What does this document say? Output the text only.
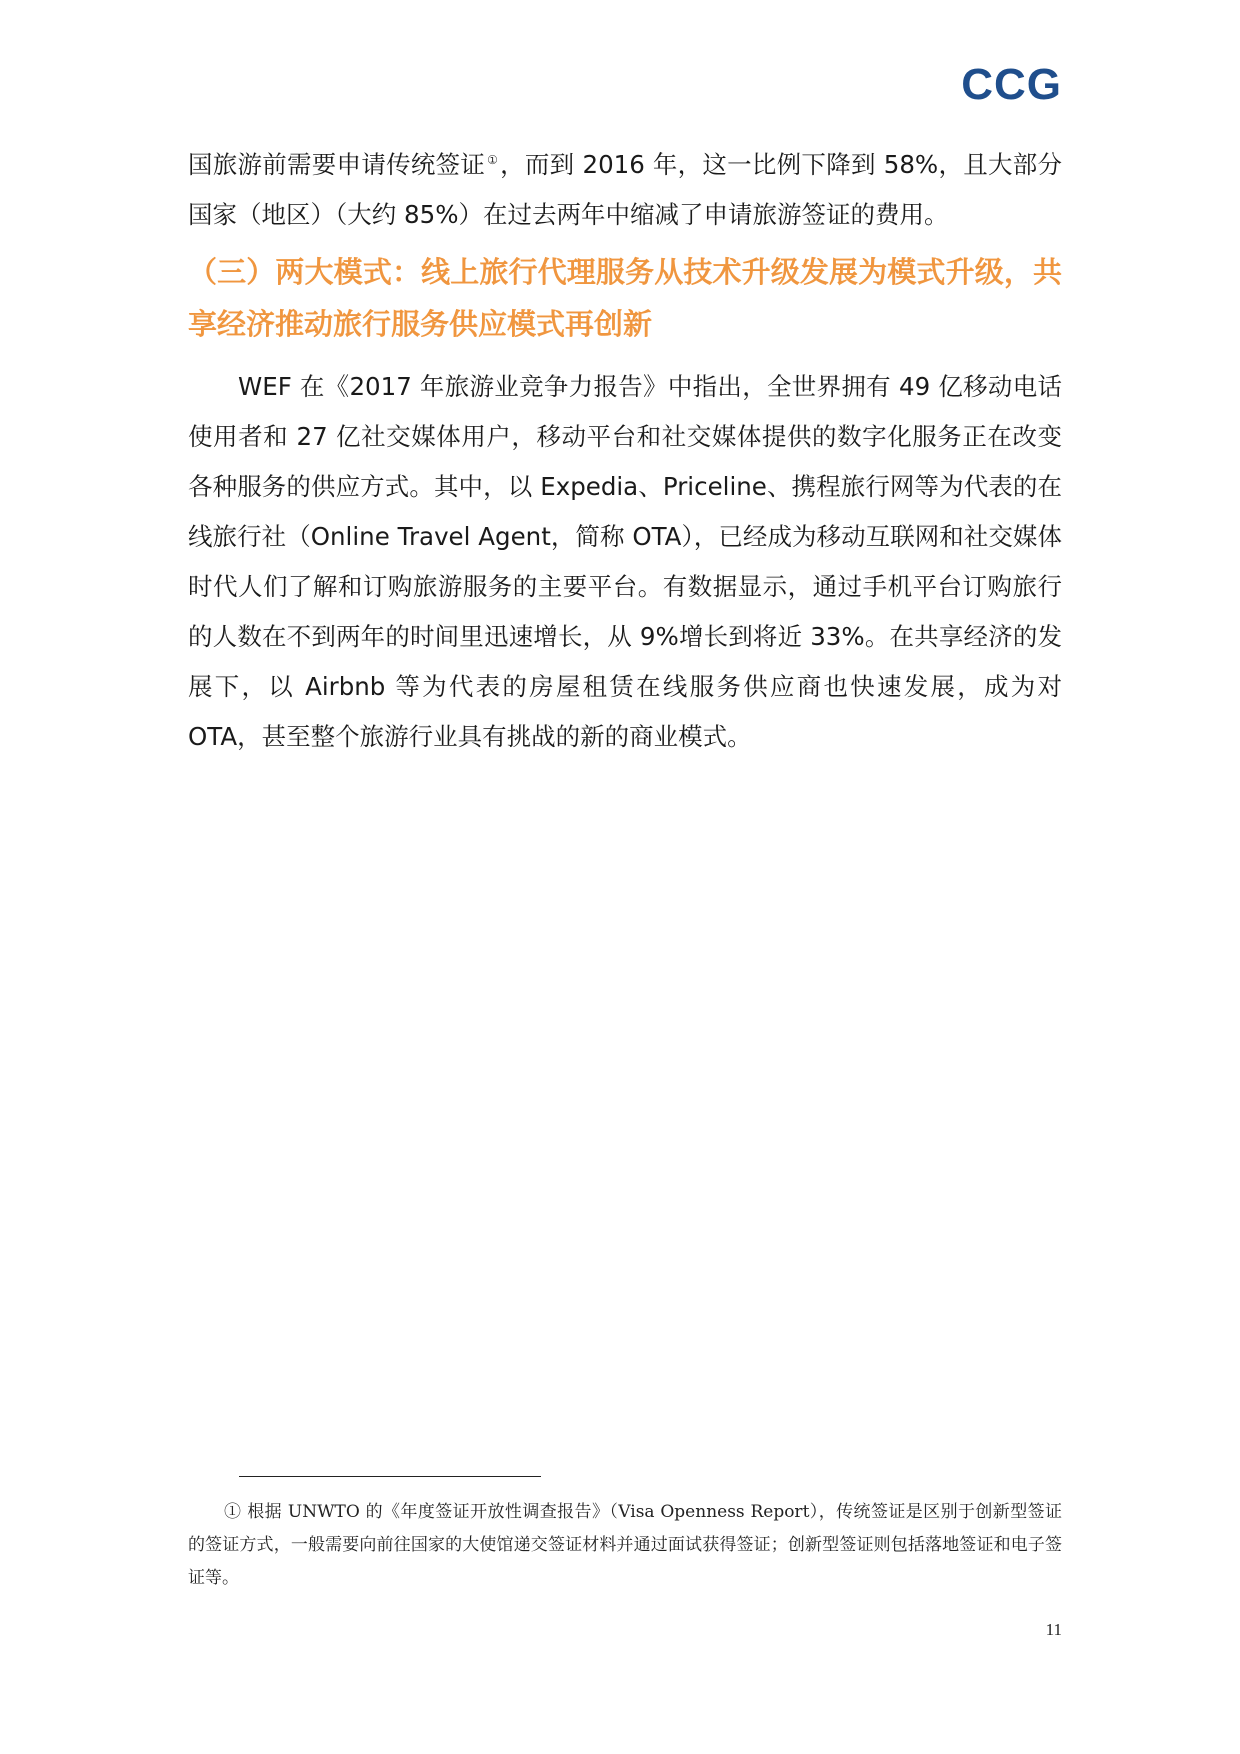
CCG

国旅游前需要申请传统签证 ①，而到 2016 年，这一比例下降到 58%，且大部分国家（地区）（大约 85%）在过去两年中缩减了申请旅游签证的费用。

（三）两大模式：线上旅行代理服务从技术升级发展为模式升级，共享经济推动旅行服务供应模式再创新

WEF 在《2017 年旅游业竞争力报告》中指出，全世界拥有 49 亿移动电话使用者和 27 亿社交媒体用户，移动平台和社交媒体提供的数字化服务正在改变各种服务的供应方式。其中，以 Expedia、Priceline、携程旅行网等为代表的在线旅行社（Online Travel Agent，简称 OTA），已经成为移动互联网和社交媒体时代人们了解和订购旅游服务的主要平台。有数据显示，通过手机平台订购旅行的人数在不到两年的时间里迅速增长，从 9%增长到将近 33%。在共享经济的发展下，以 Airbnb 等为代表的房屋租赁在线服务供应商也快速发展，成为对 OTA，甚至整个旅游行业具有挑战的新的商业模式。

① 根据 UNWTO 的《年度签证开放性调查报告》（Visa Openness Report），传统签证是区别于创新型签证的签证方式，一般需要向前往国家的大使馆递交签证材料并通过面试获得签证；创新型签证则包括落地签证和电子签证等。

11
